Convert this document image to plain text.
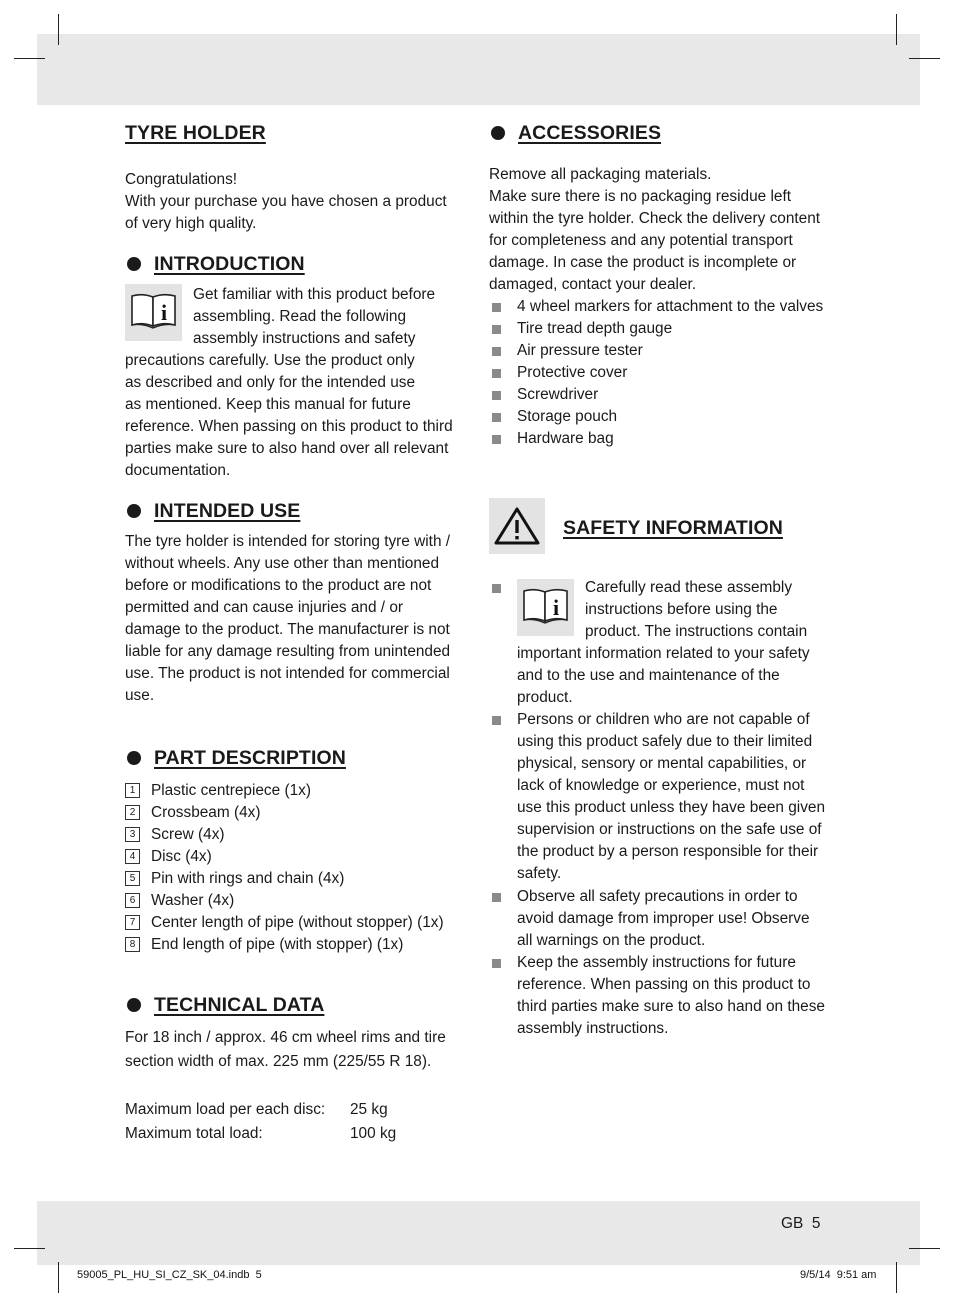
TYRE HOLDER

Congratulations!

With your purchase you have chosen a product

of very high quality.

INTRODUCTION
i

Get familiar with this product before

assembling. Read the following

assembly instructions and safety

precautions carefully. Use the product only

as described and only for the intended use

as mentioned. Keep this manual for future

reference. When passing on this product to third

parties make sure to also hand over all relevant

documentation.

INTENDED USE

The tyre holder is intended for storing tyre with /

without wheels. Any use other than mentioned

before or modifications to the product are not

permitted and can cause injuries and / or

damage to the product. The manufacturer is not

liable for any damage resulting from unintended

use. The product is not intended for commercial

use.

PART DESCRIPTION
1 Plastic centrepiece (1x)
2 Crossbeam (4x)
3 Screw (4x)
4 Disc (4x)
5 Pin with rings and chain (4x)
6 Washer (4x)
7 Center length of pipe (without stopper) (1x)
8 End length of pipe (with stopper) (1x)
TECHNICAL DATA

For 18 inch / approx. 46 cm wheel rims and tire

section width of max. 225 mm (225/55 R 18).

Maximum load per each disc:	25 kg
Maximum total load:	100 kg
ACCESSORIES

Remove all packaging materials.

Make sure there is no packaging residue left

within the tyre holder. Check the delivery content

for completeness and any potential transport

damage. In case the product is incomplete or

damaged, contact your dealer.

4 wheel markers for attachment to the valves
Tire tread depth gauge
Air pressure tester
Protective cover
Screwdriver
Storage pouch
Hardware bag
SAFETY INFORMATION
i

Carefully read these assembly

instructions before using the

product. The instructions contain

important information related to your safety

and to the use and maintenance of the

product.

Persons or children who are not capable of

using this product safely due to their limited

physical, sensory or mental capabilities, or

lack of knowledge or experience, must not

use this product unless they have been given

supervision or instructions on the safe use of

the product by a person responsible for their

safety.

Observe all safety precautions in order to

avoid damage from improper use! Observe

all warnings on the product.

Keep the assembly instructions for future

reference. When passing on this product to

third parties make sure to also hand on these

assembly instructions.

GB 5
59005_PL_HU_SI_CZ_SK_04.indb 5	9/5/14 9:51 am
